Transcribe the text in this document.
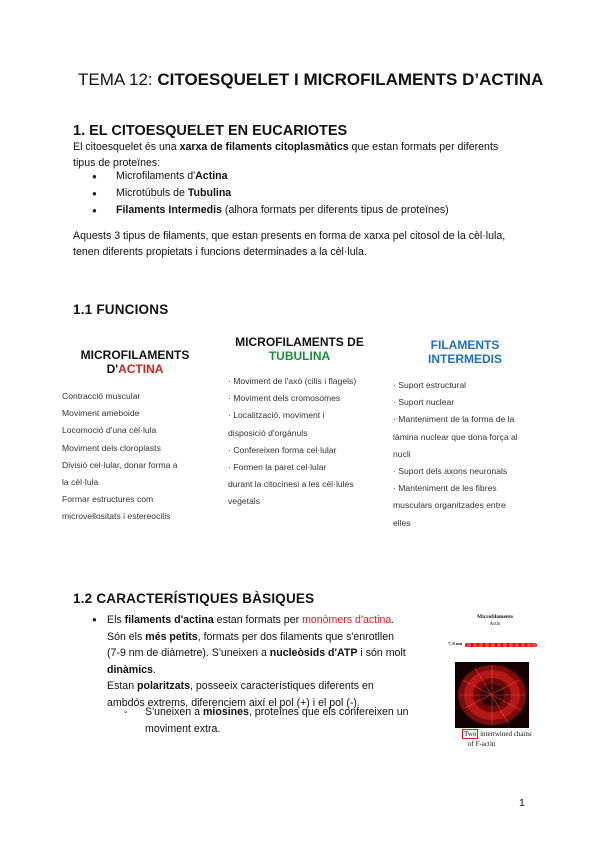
TEMA 12: CITOESQUELET I MICROFILAMENTS D’ACTINA
1. EL CITOESQUELET EN EUCARIOTES
El citoesquelet és una xarxa de filaments citoplasmàtics que estan formats per diferents
tipus de proteïnes:
● Microfilaments d'Actina
● Microtúbuls de Tubulina
● Filaments Intermedis (alhora formats per diferents tipus de proteïnes)
Aquests 3 tipus de filaments, que estan presents en forma de xarxa pel citosol de la cèl·lula,
tenen diferents propietats i funcions determinades a la cèl·lula.
1.1 FUNCIONS
MICROFILAMENTS
D'ACTINA
Contracció muscular
Moviment ameboide
Locomoció d'una cèl·lula
Moviment dels cloroplasts
Divisió cel·lular, donar forma a
la cèl·lula
Formar estructures com
microvellositats i estereocilis
MICROFILAMENTS DE
TUBULINA
· Moviment de l'axó (cilis i flagels)
· Moviment dels cromosomes
· Localització, moviment i
disposició d'orgànuls
· Confereixen forma cel·lular
· Formen la paret cel·lular
durant la citocinesi a les cèl·lules
vegetals
FILAMENTS
INTERMEDIS
· Suport estructural
· Suport nuclear
· Manteniment de la forma de la
làmina nuclear que dona força al
nucli
· Suport dels axons neuronals
· Manteniment de les fibres
musculars organitzades entre
elles
1.2 CARACTERÍSTIQUES BÀSIQUES
● Els filaments d'actina estan formats per monòmers d'actina.
Són els més petits, formats per dos filaments que s'enrotllen
(7-9 nm de diàmetre). S'uneixen a nucleòsids d'ATP i són molt
dinàmics.
Estan polaritzats, posseeix característiques diferents en
ambdós extrems, diferenciem així el pol (+) i el pol (-).
- S'uneixen a miosines, proteïnes que els confereixen un
moviment extra.
Microfilaments
Actin
7–9 nm
Two intertwined chains
of F-actin
1
